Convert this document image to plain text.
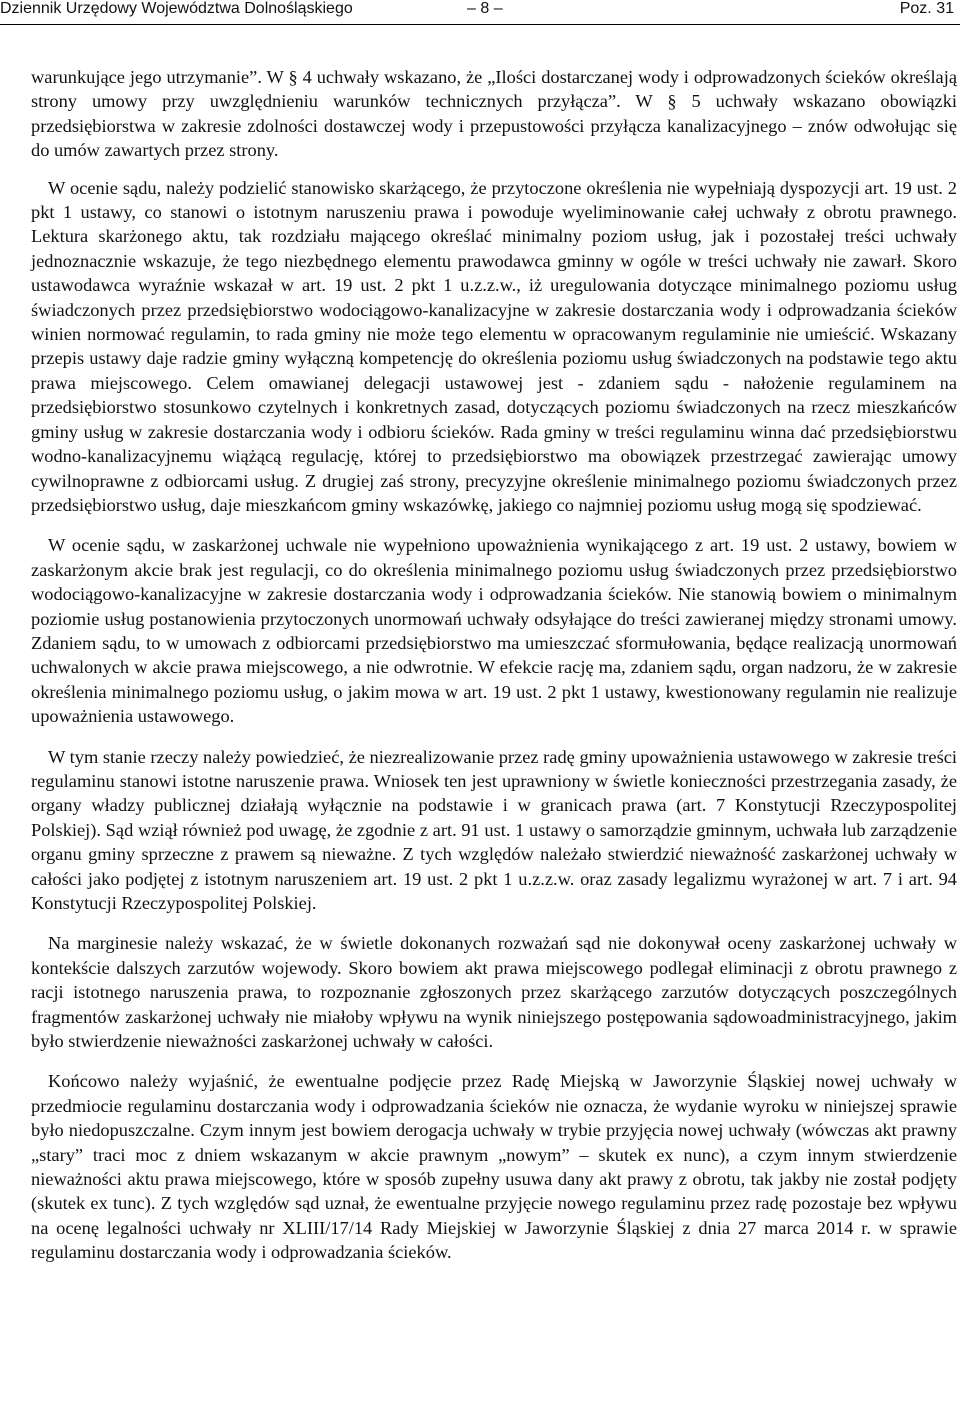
Dziennik Urzędowy Województwa Dolnośląskiego	– 8 –	Poz. 31

warunkujące jego utrzymanie”. W § 4 uchwały wskazano, że „Ilości dostarczanej wody i odprowadzonych ścieków określają strony umowy przy uwzględnieniu warunków technicznych przyłącza”. W § 5 uchwały wskazano obowiązki przedsiębiorstwa w zakresie zdolności dostawczej wody i przepustowości przyłącza kanalizacyjnego – znów odwołując się do umów zawartych przez strony.

W ocenie sądu, należy podzielić stanowisko skarżącego, że przytoczone określenia nie wypełniają dyspozycji art. 19 ust. 2 pkt 1 ustawy, co stanowi o istotnym naruszeniu prawa i powoduje wyeliminowanie całej uchwały z obrotu prawnego. Lektura skarżonego aktu, tak rozdziału mającego określać minimalny poziom usług, jak i pozostałej treści uchwały jednoznacznie wskazuje, że tego niezbędnego elementu prawodawca gminny w ogóle w treści uchwały nie zawarł. Skoro ustawodawca wyraźnie wskazał w art. 19 ust. 2 pkt 1 u.z.z.w., iż uregulowania dotyczące minimalnego poziomu usług świadczonych przez przedsiębiorstwo wodociągowo-kanalizacyjne w zakresie dostarczania wody i odprowadzania ścieków winien normować regulamin, to rada gminy nie może tego elementu w opracowanym regulaminie nie umieścić. Wskazany przepis ustawy daje radzie gminy wyłączną kompetencję do określenia poziomu usług świadczonych na podstawie tego aktu prawa miejscowego. Celem omawianej delegacji ustawowej jest - zdaniem sądu - nałożenie regulaminem na przedsiębiorstwo stosunkowo czytelnych i konkretnych zasad, dotyczących poziomu świadczonych na rzecz mieszkańców gminy usług w zakresie dostarczania wody i odbioru ścieków. Rada gminy w treści regulaminu winna dać przedsiębiorstwu wodno-kanalizacyjnemu wiążącą regulację, której to przedsiębiorstwo ma obowiązek przestrzegać zawierając umowy cywilnoprawne z odbiorcami usług. Z drugiej zaś strony, precyzyjne określenie minimalnego poziomu świadczonych przez przedsiębiorstwo usług, daje mieszkańcom gminy wskazówkę, jakiego co najmniej poziomu usług mogą się spodziewać.

W ocenie sądu, w zaskarżonej uchwale nie wypełniono upoważnienia wynikającego z art. 19 ust. 2 ustawy, bowiem w zaskarżonym akcie brak jest regulacji, co do określenia minimalnego poziomu usług świadczonych przez przedsiębiorstwo wodociągowo-kanalizacyjne w zakresie dostarczania wody i odprowadzania ścieków. Nie stanowią bowiem o minimalnym poziomie usług postanowienia przytoczonych unormowań uchwały odsyłające do treści zawieranej między stronami umowy. Zdaniem sądu, to w umowach z odbiorcami przedsiębiorstwo ma umieszczać sformułowania, będące realizacją unormowań uchwalonych w akcie prawa miejscowego, a nie odwrotnie. W efekcie rację ma, zdaniem sądu, organ nadzoru, że w zakresie określenia minimalnego poziomu usług, o jakim mowa w art. 19 ust. 2 pkt 1 ustawy, kwestionowany regulamin nie realizuje upoważnienia ustawowego.

W tym stanie rzeczy należy powiedzieć, że niezrealizowanie przez radę gminy upoważnienia ustawowego w zakresie treści regulaminu stanowi istotne naruszenie prawa. Wniosek ten jest uprawniony w świetle konieczności przestrzegania zasady, że organy władzy publicznej działają wyłącznie na podstawie i w granicach prawa (art. 7 Konstytucji Rzeczypospolitej Polskiej). Sąd wziął również pod uwagę, że zgodnie z art. 91 ust. 1 ustawy o samorządzie gminnym, uchwała lub zarządzenie organu gminy sprzeczne z prawem są nieważne. Z tych względów należało stwierdzić nieważność zaskarżonej uchwały w całości jako podjętej z istotnym naruszeniem art. 19 ust. 2 pkt 1 u.z.z.w. oraz zasady legalizmu wyrażonej w art. 7 i art. 94 Konstytucji Rzeczypospolitej Polskiej.

Na marginesie należy wskazać, że w świetle dokonanych rozważań sąd nie dokonywał oceny zaskarżonej uchwały w kontekście dalszych zarzutów wojewody. Skoro bowiem akt prawa miejscowego podlegał eliminacji z obrotu prawnego z racji istotnego naruszenia prawa, to rozpoznanie zgłoszonych przez skarżącego zarzutów dotyczących poszczególnych fragmentów zaskarżonej uchwały nie miałoby wpływu na wynik niniejszego postępowania sądowoadministracyjnego, jakim było stwierdzenie nieważności zaskarżonej uchwały w całości.

Końcowo należy wyjaśnić, że ewentualne podjęcie przez Radę Miejską w Jaworzynie Śląskiej nowej uchwały w przedmiocie regulaminu dostarczania wody i odprowadzania ścieków nie oznacza, że wydanie wyroku w niniejszej sprawie było niedopuszczalne. Czym innym jest bowiem derogacja uchwały w trybie przyjęcia nowej uchwały (wówczas akt prawny „stary” traci moc z dniem wskazanym w akcie prawnym „nowym” – skutek ex nunc), a czym innym stwierdzenie nieważności aktu prawa miejscowego, które w sposób zupełny usuwa dany akt prawy z obrotu, tak jakby nie został podjęty (skutek ex tunc). Z tych względów sąd uznał, że ewentualne przyjęcie nowego regulaminu przez radę pozostaje bez wpływu na ocenę legalności uchwały nr XLIII/17/14 Rady Miejskiej w Jaworzynie Śląskiej z dnia 27 marca 2014 r. w sprawie regulaminu dostarczania wody i odprowadzania ścieków.
